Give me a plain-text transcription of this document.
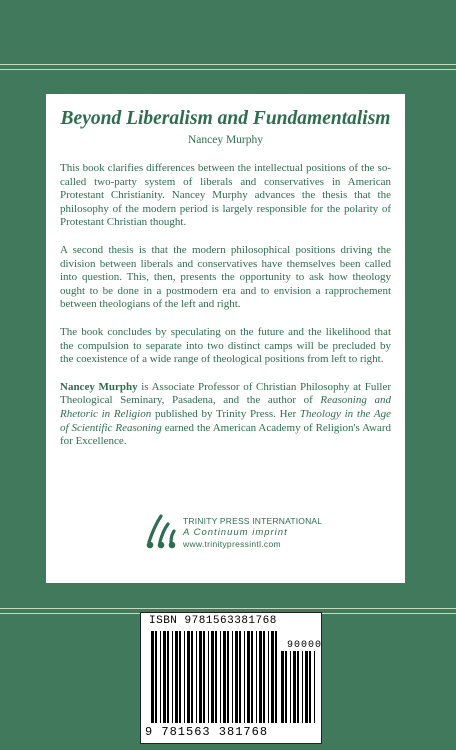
Beyond Liberalism and Fundamentalism
Nancey Murphy

This book clarifies differences between the intellectual positions of the so-called two-party system of liberals and conservatives in American Protestant Christianity. Nancey Murphy advances the thesis that the philosophy of the modern period is largely responsible for the polarity of Protestant Christian thought.

A second thesis is that the modern philosophical positions driving the division between liberals and conservatives have themselves been called into question. This, then, presents the opportunity to ask how theology ought to be done in a postmodern era and to envision a rapprochement between theologians of the left and right.

The book concludes by speculating on the future and the likelihood that the compulsion to separate into two distinct camps will be precluded by the coexistence of a wide range of theological positions from left to right.

Nancey Murphy is Associate Professor of Christian Philosophy at Fuller Theological Seminary, Pasadena, and the author of Reasoning and Rhetoric in Religion published by Trinity Press. Her Theology in the Age of Scientific Reasoning earned the American Academy of Religion's Award for Excellence.

TRINITY PRESS INTERNATIONAL
A Continuum imprint
www.trinitypressintl.com
ISBN 9781563381768
90000
9 781563 381768
